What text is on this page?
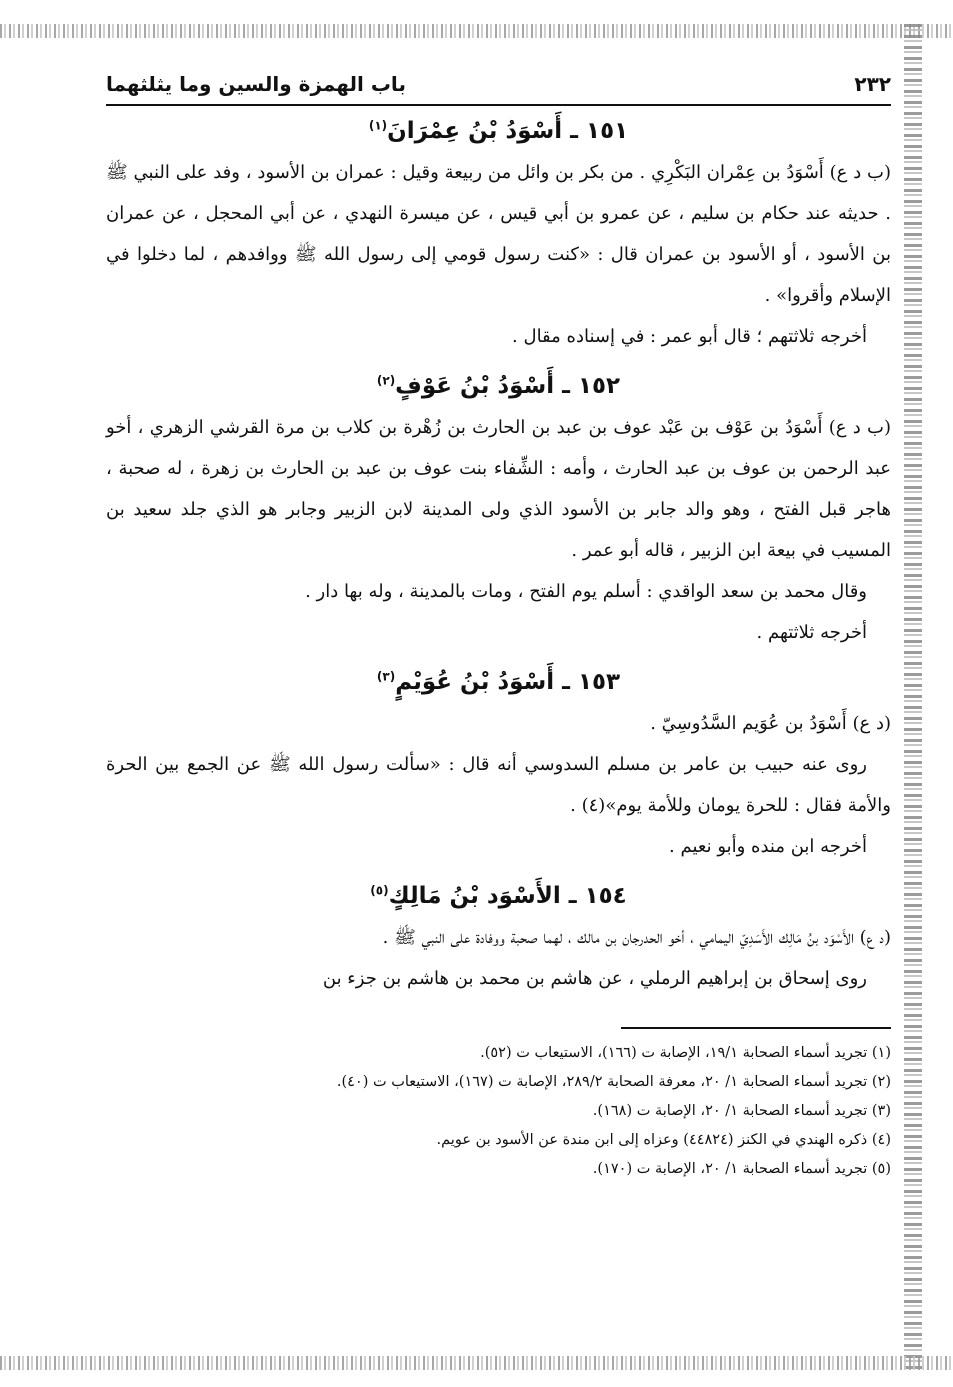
٢٣٢
باب الهمزة والسين وما يثلثهما
١٥١ ـ أَسْوَدُ بْنُ عِمْرَانَ$^{(١)}$

(ب د ع) أَسْوَدُ بن عِمْران البَكْرِي . من بكر بن وائل من ربيعة وقيل : عمران بن الأسود ، وفد على النبي ﷺ . حديثه عند حكام بن سليم ، عن عمرو بن أبي قيس ، عن ميسرة النهدي ، عن أبي المحجل ، عن عمران بن الأسود ، أو الأسود بن عمران قال : «كنت رسول قومي إلى رسول الله ﷺ ووافدهم ، لما دخلوا في الإسلام وأقروا» .

أخرجه ثلاثتهم ؛ قال أبو عمر : في إسناده مقال .

١٥٢ ـ أَسْوَدُ بْنُ عَوْفٍ$^{(٢)}$

(ب د ع) أَسْوَدُ بن عَوْف بن عَبْد عوف بن عبد بن الحارث بن زُهْرة بن كلاب بن مرة القرشي الزهري ، أخو عبد الرحمن بن عوف بن عبد الحارث ، وأمه : الشِّفاء بنت عوف بن عبد بن الحارث بن زهرة ، له صحبة ، هاجر قبل الفتح ، وهو والد جابر بن الأسود الذي ولى المدينة لابن الزبير وجابر هو الذي جلد سعيد بن المسيب في بيعة ابن الزبير ، قاله أبو عمر .

وقال محمد بن سعد الواقدي : أسلم يوم الفتح ، ومات بالمدينة ، وله بها دار .

أخرجه ثلاثتهم .

١٥٣ ـ أَسْوَدُ بْنُ عُوَيْمٍ$^{(٣)}$

(د ع) أَسْوَدُ بن عُوَيم السَّدُوسِيّ .

روى عنه حبيب بن عامر بن مسلم السدوسي أنه قال : «سألت رسول الله ﷺ عن الجمع بين الحرة والأمة فقال : للحرة يومان وللأمة يوم»(٤) .

أخرجه ابن منده وأبو نعيم .

١٥٤ ـ الأَسْوَد بْنُ مَالِكٍ$^{(٥)}$

(د ع) الأَسْوَد بنُ مَالِك الأَسَدِيّ اليمامي ، أخو الحدرجان بن مالك ، لهما صحبة ووفادة على النبي ﷺ .

روى إسحاق بن إبراهيم الرملي ، عن هاشم بن محمد بن هاشم بن جزء بن

(١) تجريد أسماء الصحابة ١٩/١، الإصابة ت (١٦٦)، الاستيعاب ت (٥٢).
(٢) تجريد أسماء الصحابة ١/ ٢٠، معرفة الصحابة ٢٨٩/٢، الإصابة ت (١٦٧)، الاستيعاب ت (٤٠).
(٣) تجريد أسماء الصحابة ١/ ٢٠، الإصابة ت (١٦٨).
(٤) ذكره الهندي في الكنز (٤٤٨٢٤) وعزاه إلى ابن مندة عن الأسود بن عويم.
(٥) تجريد أسماء الصحابة ١/ ٢٠، الإصابة ت (١٧٠).
